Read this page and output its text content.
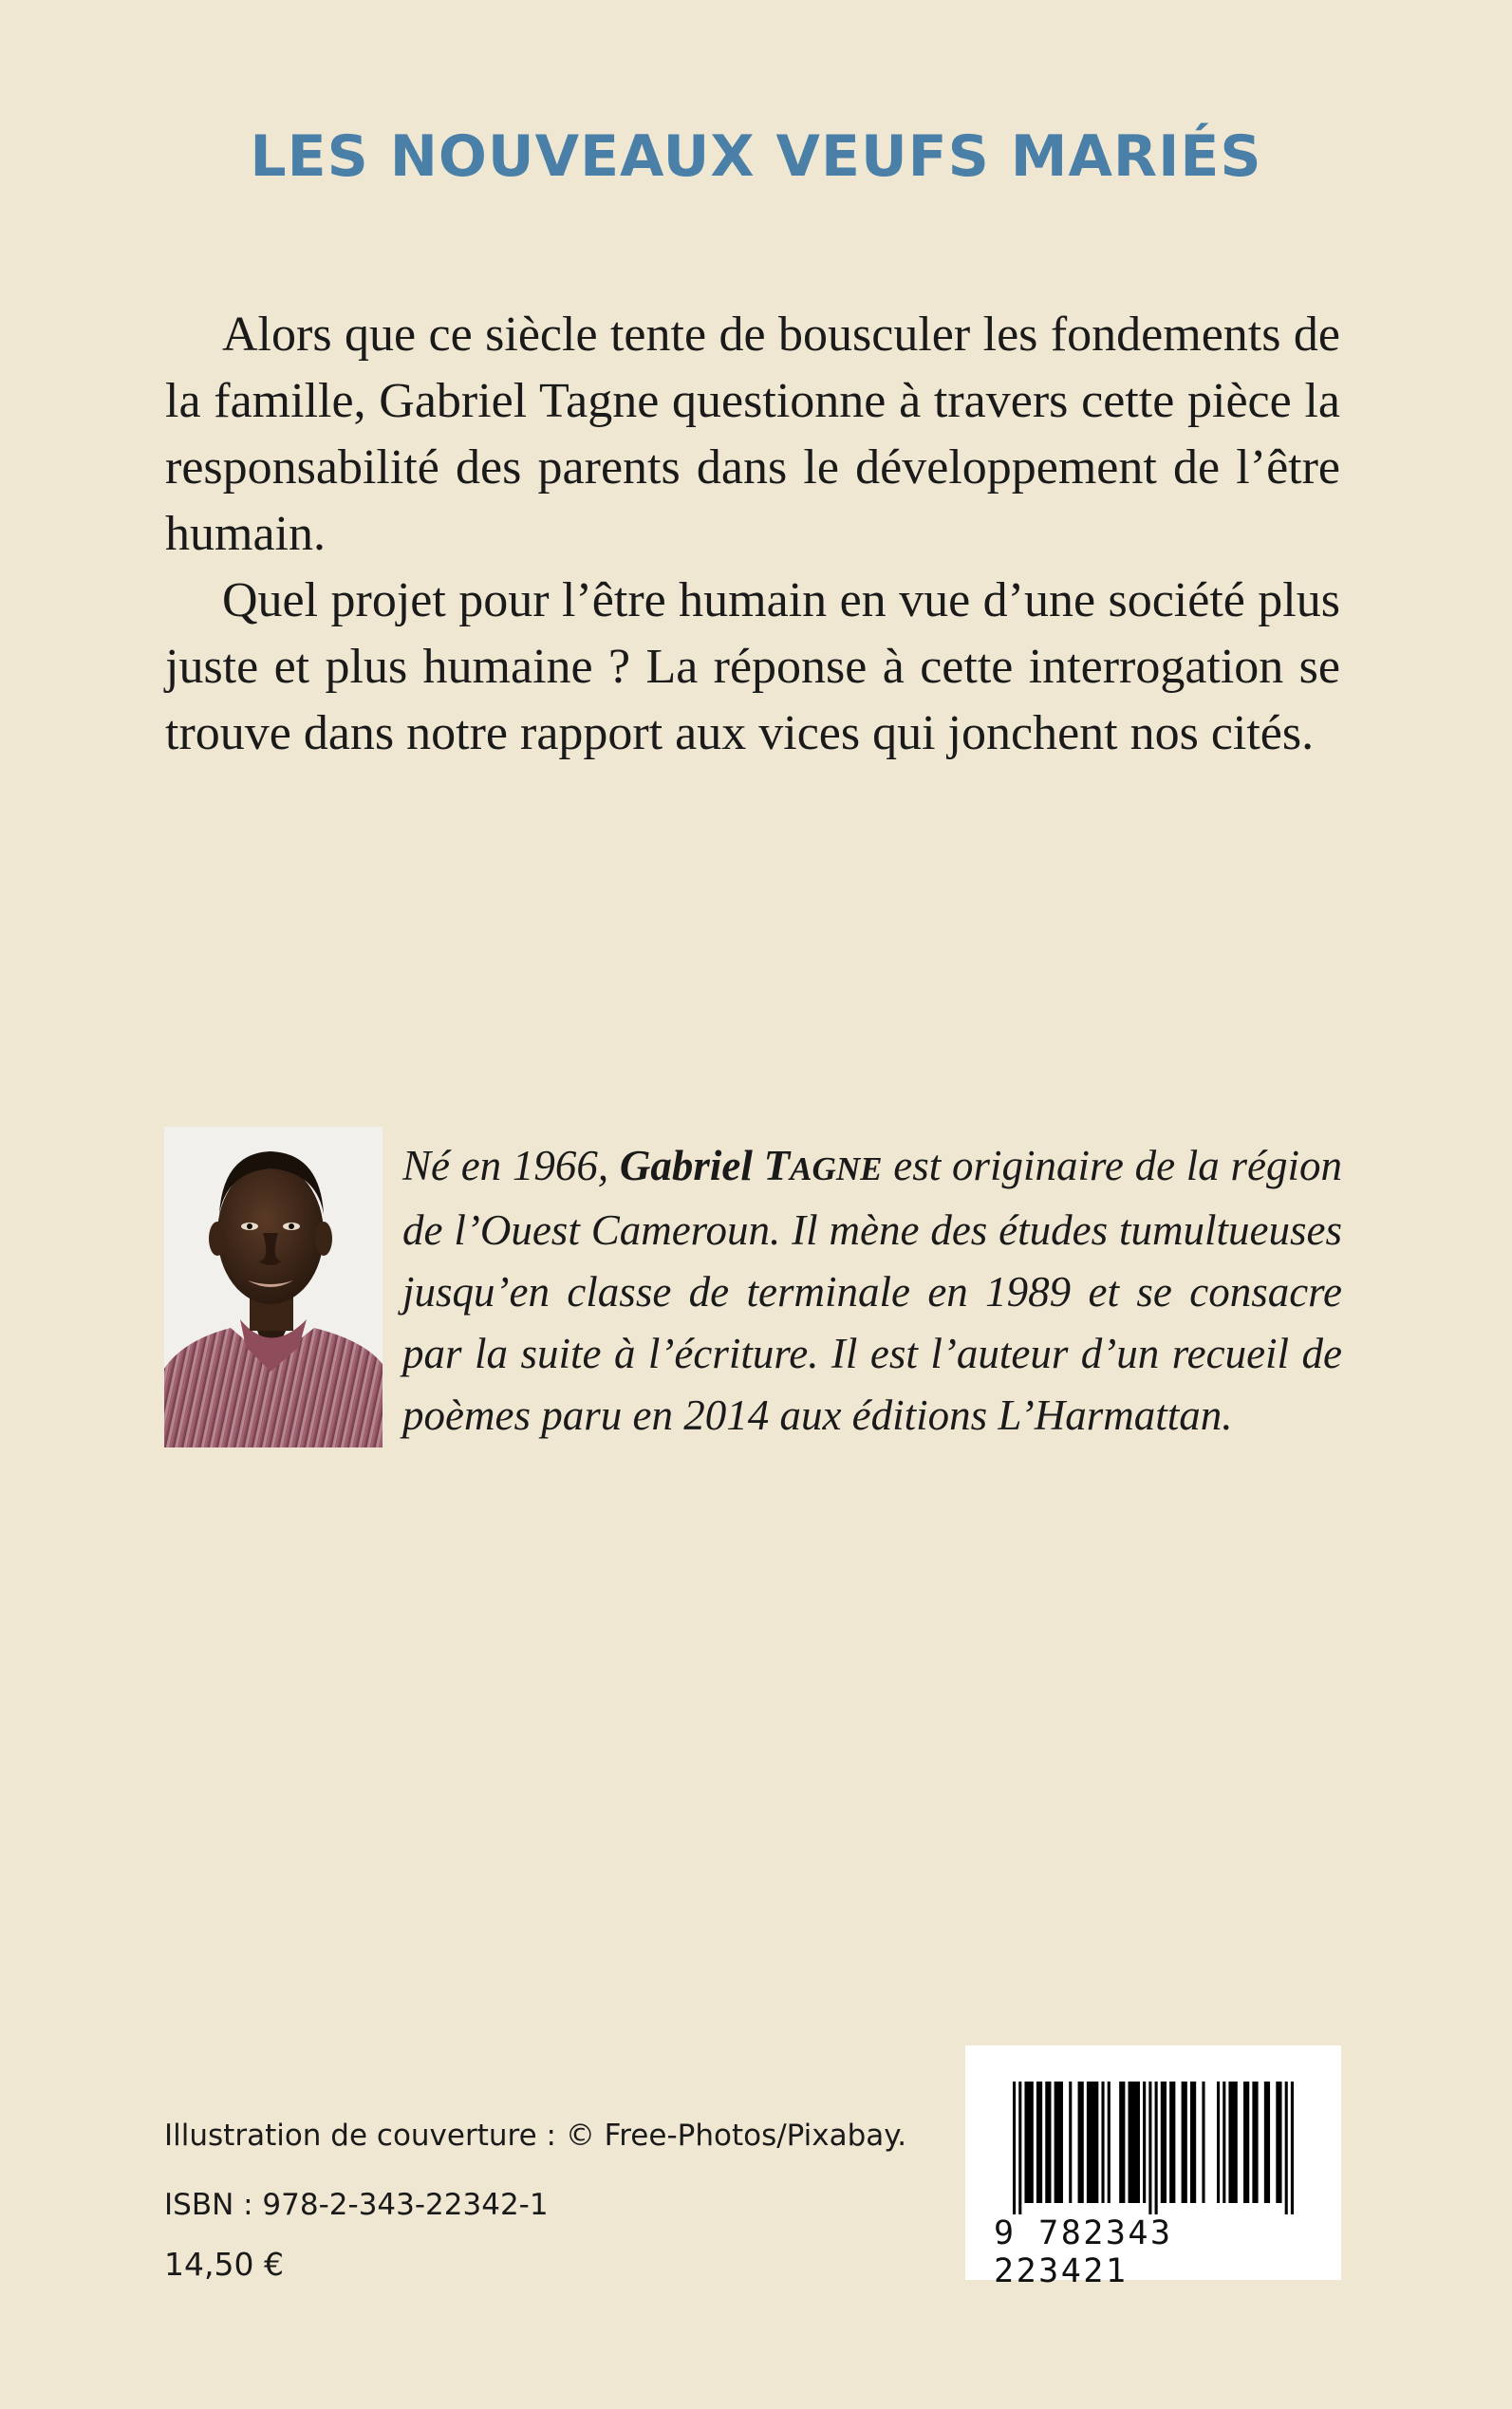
LES NOUVEAUX VEUFS MARIÉS

Alors que ce siècle tente de bousculer les fondements de la famille, Gabriel Tagne questionne à travers cette pièce la responsabilité des parents dans le développement de l’être humain.

Quel projet pour l’être humain en vue d’une société plus juste et plus humaine ? La réponse à cette interrogation se trouve dans notre rapport aux vices qui jonchent nos cités.

Né en 1966, Gabriel TAGNE est originaire de la région de l’Ouest Cameroun. Il mène des études tumultueuses jusqu’en classe de terminale en 1989 et se consacre par la suite à l’écriture. Il est l’auteur d’un recueil de poèmes paru en 2014 aux éditions L’Harmattan.

Illustration de couverture : © Free-Photos/Pixabay.

ISBN : 978-2-343-22342-1

14,50 €

9 782343 223421
